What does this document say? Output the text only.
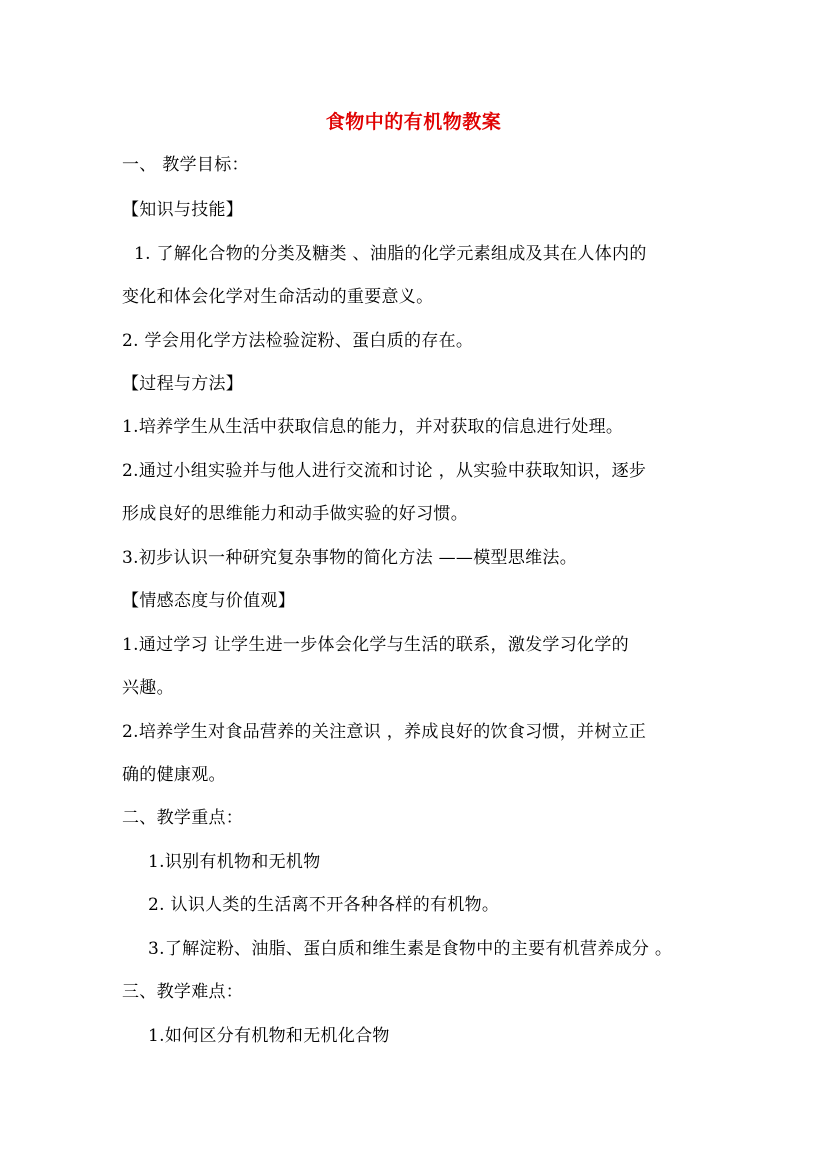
食物中的有机物教案
一、 教学目标：
【知识与技能】
1. 了解化合物的分类及糖类 、油脂的化学元素组成及其在人体内的
变化和体会化学对生命活动的重要意义。
2. 学会用化学方法检验淀粉、蛋白质的存在。
【过程与方法】
1.培养学生从生活中获取信息的能力，并对获取的信息进行处理。
2.通过小组实验并与他人进行交流和讨论 ，从实验中获取知识，逐步
形成良好的思维能力和动手做实验的好习惯。
3.初步认识一种研究复杂事物的简化方法 ——模型思维法。
【情感态度与价值观】
1.通过学习 让学生进一步体会化学与生活的联系，激发学习化学的
兴趣。
2.培养学生对食品营养的关注意识 ，养成良好的饮食习惯，并树立正
确的健康观。
二、教学重点：
1.识别有机物和无机物
2. 认识人类的生活离不开各种各样的有机物。
3.了解淀粉、油脂、蛋白质和维生素是食物中的主要有机营养成分 。
三、教学难点：
1.如何区分有机物和无机化合物
